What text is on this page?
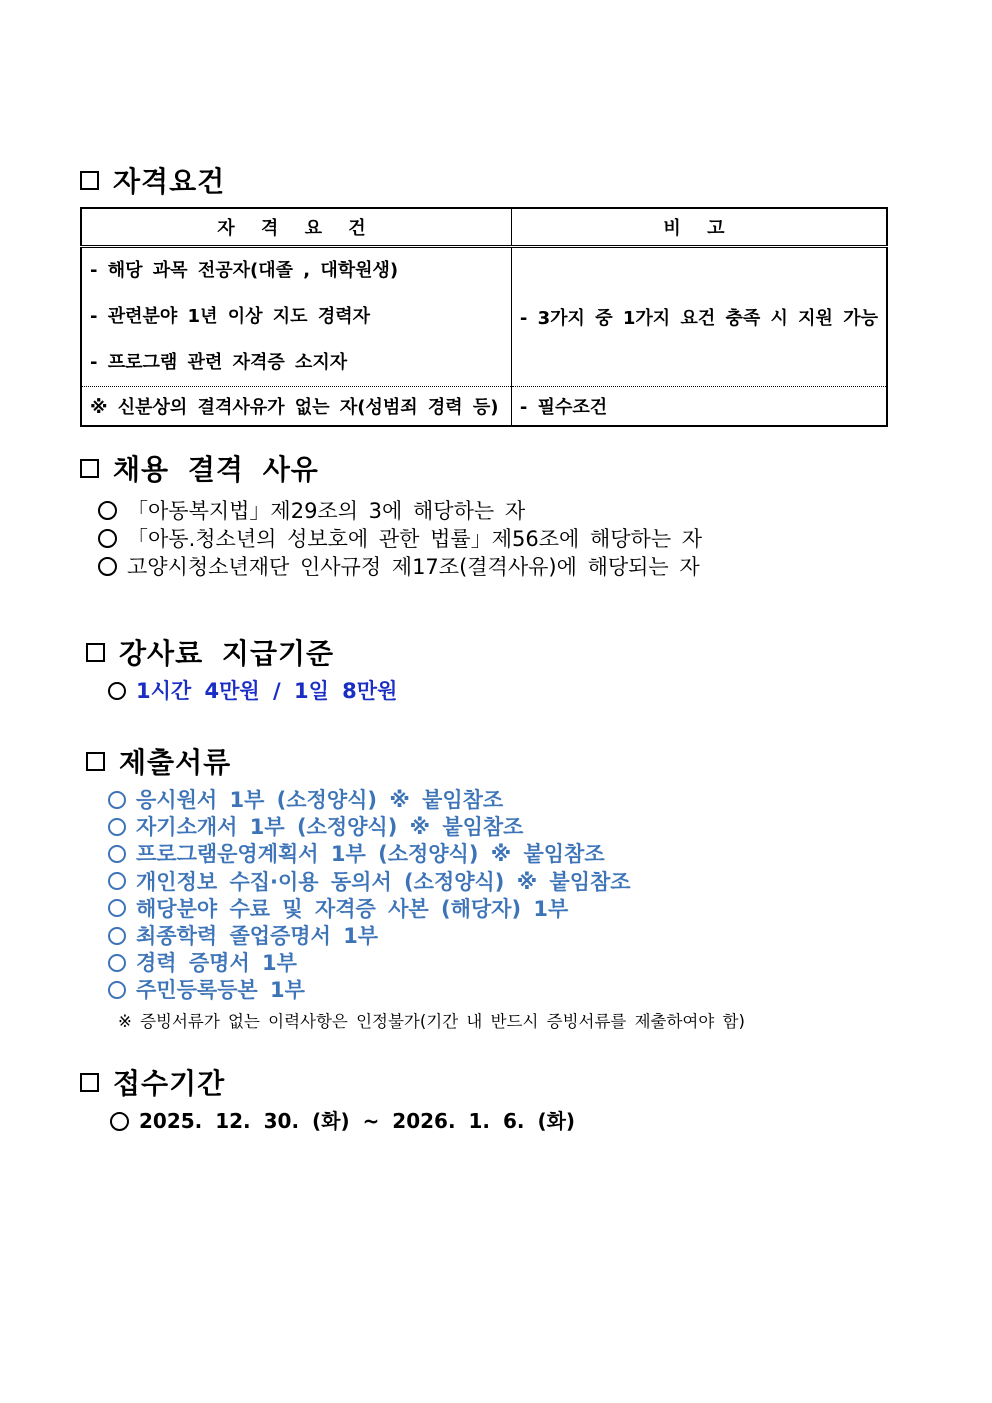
자격요건
자 격 요 건	비 고

- 해당 과목 전공자(대졸 , 대학원생)
- 관련분야 1년 이상 지도 경력자
- 프로그램 관련 자격증 소지자	- 3가지 중 1가지 요건 충족 시 지원 가능
※ 신분상의 결격사유가 없는 자(성범죄 경력 등)	- 필수조건
채용 결격 사유
「아동복지법」제29조의 3에 해당하는 자
「아동.청소년의 성보호에 관한 법률」제56조에 해당하는 자
고양시청소년재단 인사규정 제17조(결격사유)에 해당되는 자
강사료 지급기준
1시간 4만원 / 1일 8만원
제출서류
응시원서 1부 (소정양식) ※ 붙임참조
자기소개서 1부 (소정양식) ※ 붙임참조
프로그램운영계획서 1부 (소정양식) ※ 붙임참조
개인정보 수집·이용 동의서 (소정양식) ※ 붙임참조
해당분야 수료 및 자격증 사본 (해당자) 1부
최종학력 졸업증명서 1부
경력 증명서 1부
주민등록등본 1부
※ 증빙서류가 없는 이력사항은 인정불가(기간 내 반드시 증빙서류를 제출하여야 함)
접수기간
2025. 12. 30. (화) ~ 2026. 1. 6. (화)
